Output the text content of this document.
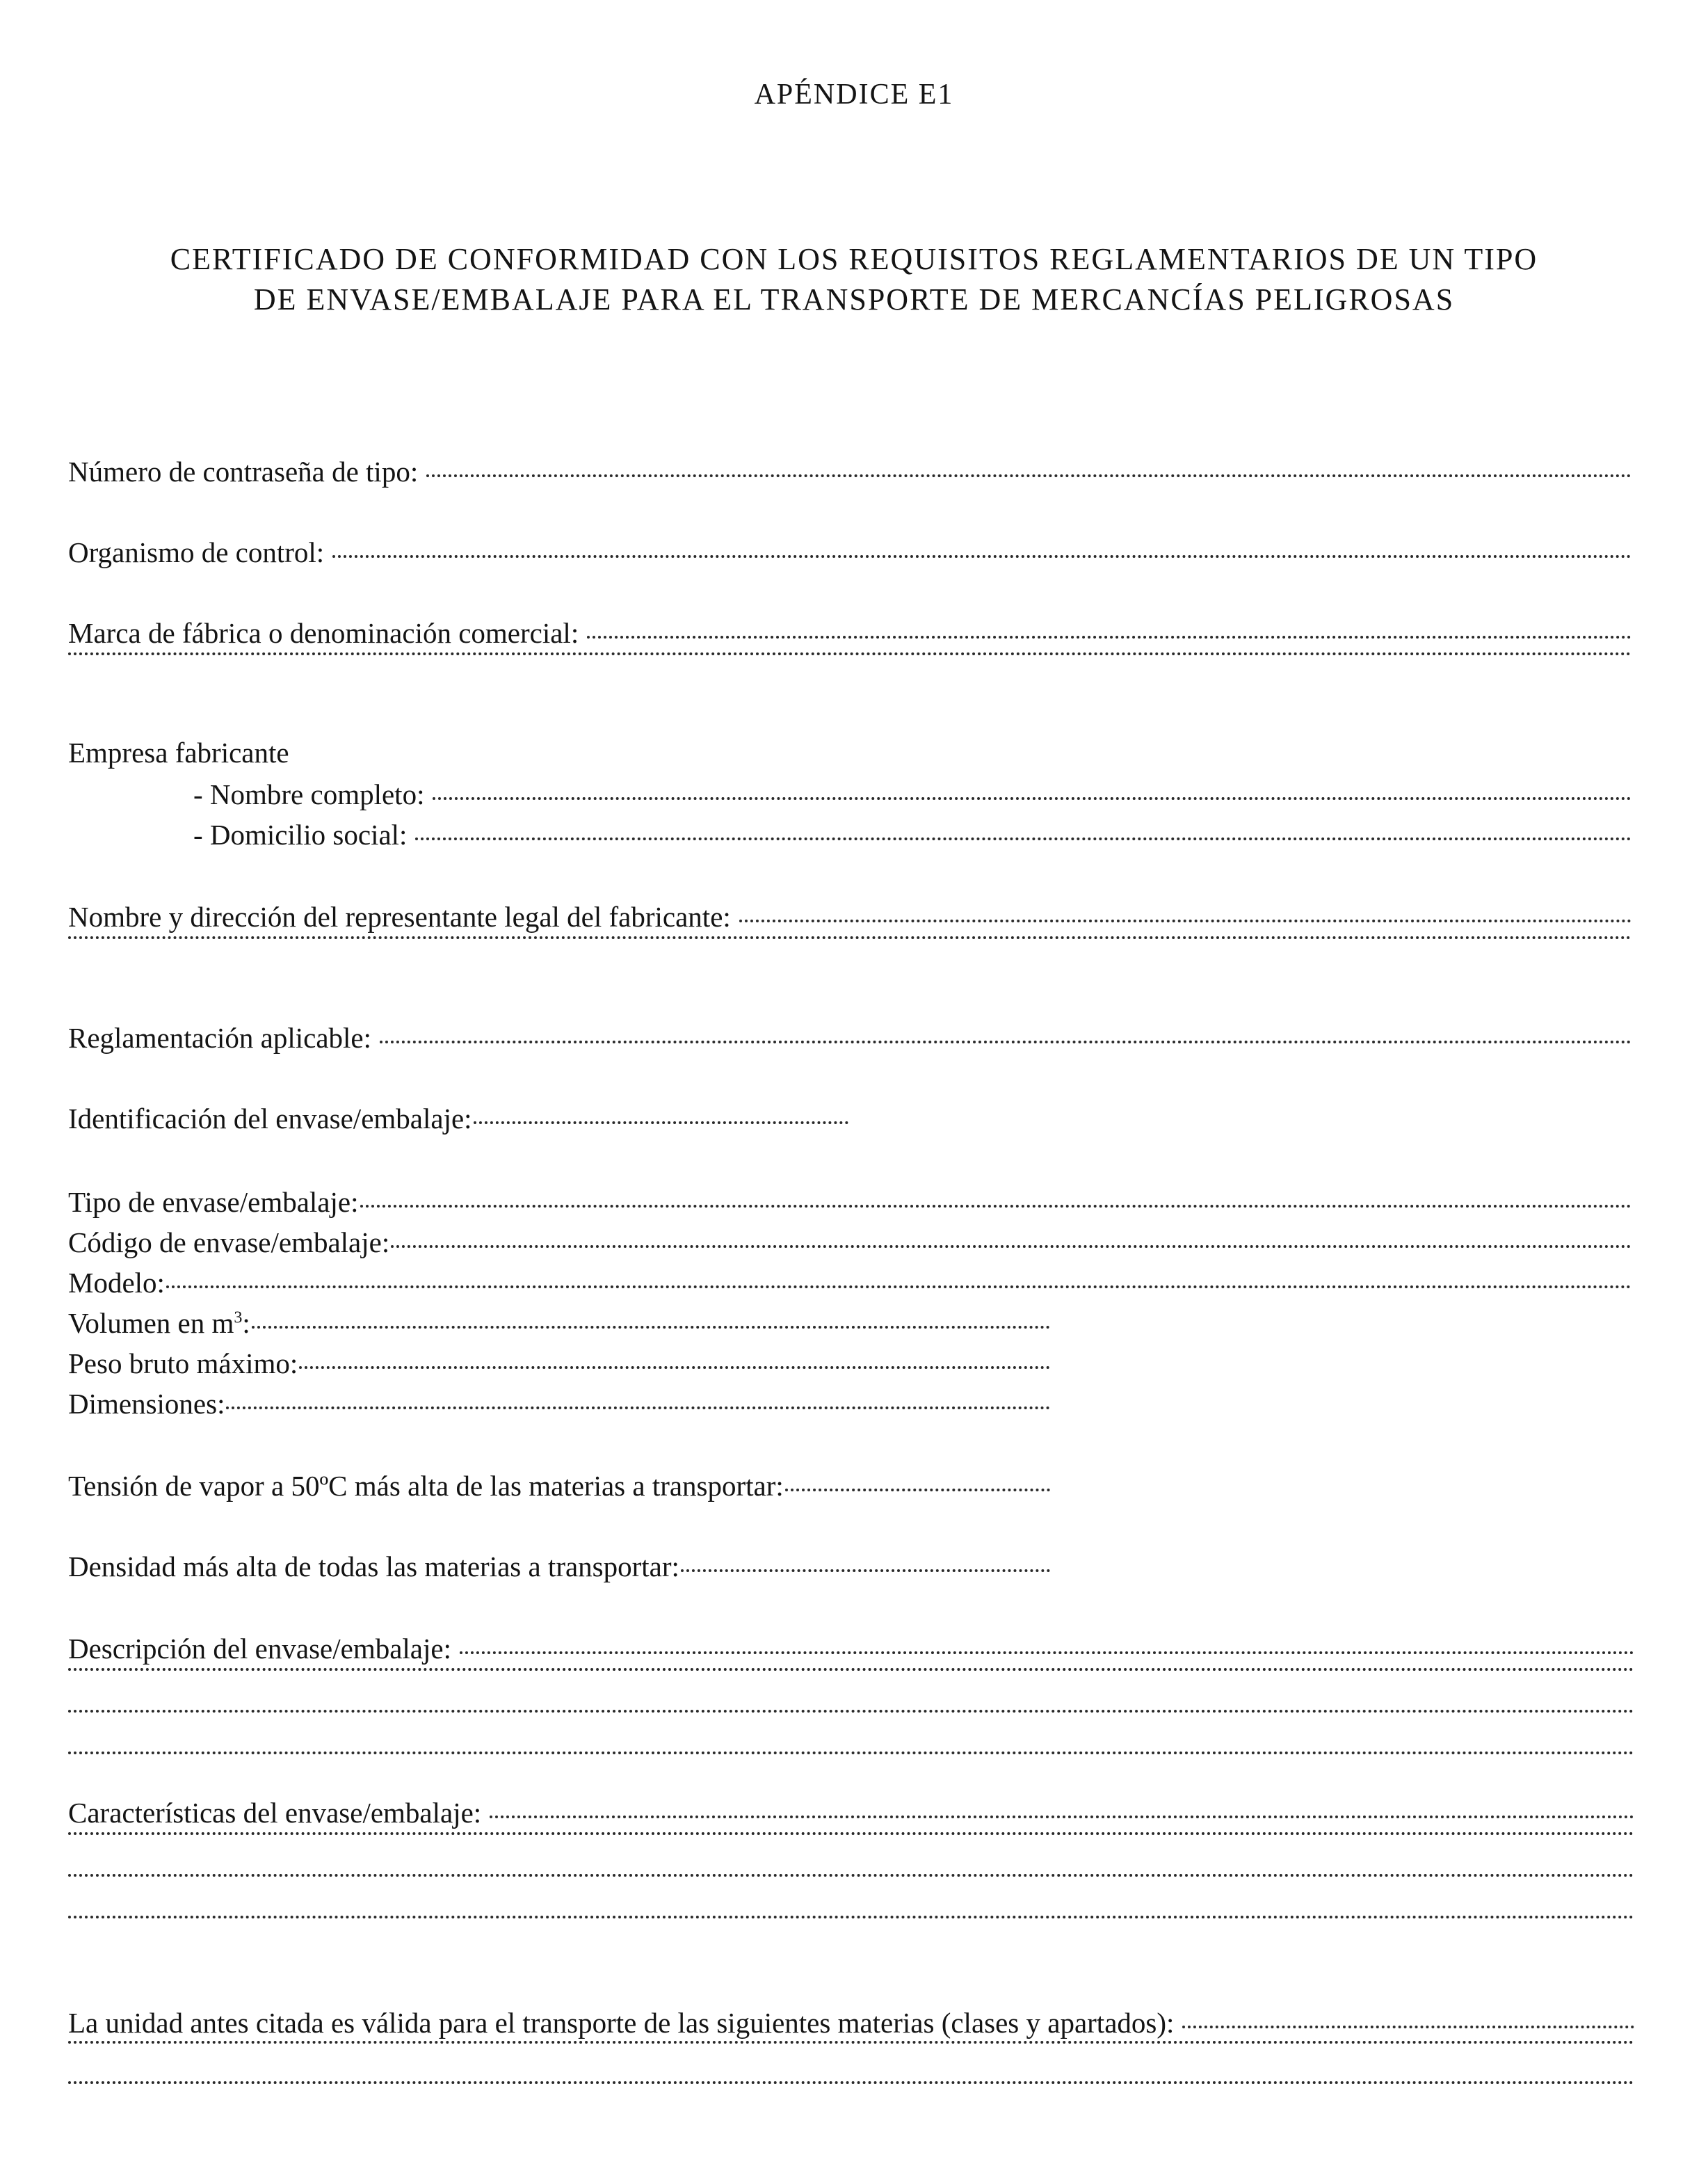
APÉNDICE E1
CERTIFICADO DE CONFORMIDAD CON LOS REQUISITOS REGLAMENTARIOS DE UN TIPO
DE ENVASE/EMBALAJE PARA EL TRANSPORTE DE MERCANCÍAS PELIGROSAS
Número de contraseña de tipo:
Organismo de control:
Marca de fábrica o denominación comercial:
Empresa fabricante
- Nombre completo:
- Domicilio social:
Nombre y dirección del representante legal del fabricante:
Reglamentación aplicable:
Identificación del envase/embalaje:
Tipo de envase/embalaje:
Código de envase/embalaje:
Modelo:
Volumen en $m^3$:
Peso bruto máximo:
Dimensiones:
Tensión de vapor a 50ºC más alta de las materias a transportar:
Densidad más alta de todas las materias a transportar:
Descripción del envase/embalaje:
Características del envase/embalaje:
La unidad antes citada es válida para el transporte de las siguientes materias (clases y apartados):
